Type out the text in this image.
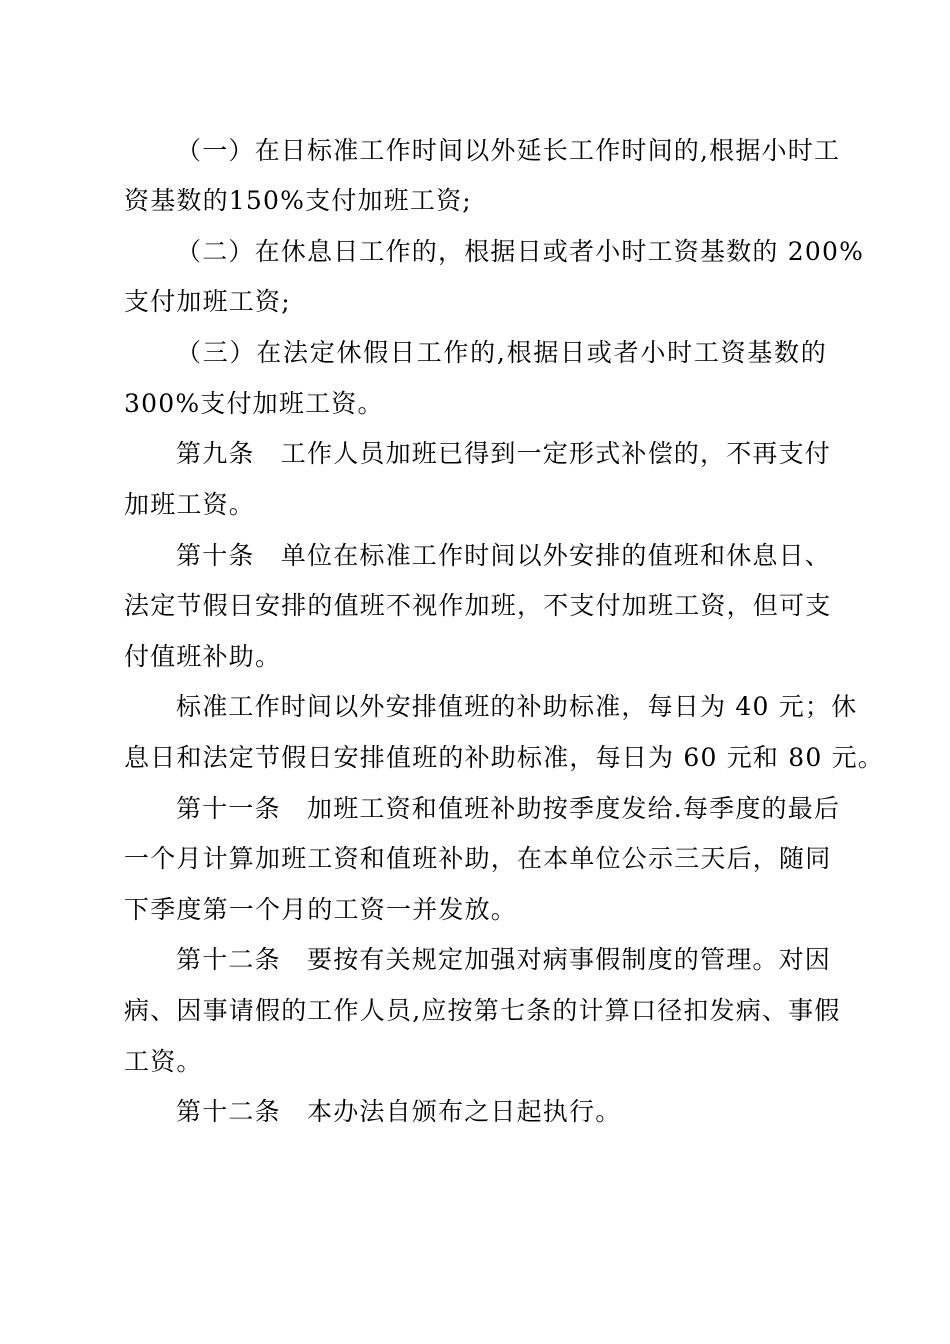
（一）在日标准工作时间以外延长工作时间的,根据小时工
资基数的150%支付加班工资;
（二）在休息日工作的，根据日或者小时工资基数的 200%
支付加班工资;
（三）在法定休假日工作的,根据日或者小时工资基数的
300%支付加班工资。
第九条　工作人员加班已得到一定形式补偿的，不再支付
加班工资。
第十条　单位在标准工作时间以外安排的值班和休息日、
法定节假日安排的值班不视作加班，不支付加班工资，但可支
付值班补助。
标准工作时间以外安排值班的补助标准，每日为 40 元；休
息日和法定节假日安排值班的补助标准，每日为 60 元和 80 元。
第十一条　加班工资和值班补助按季度发给.每季度的最后
一个月计算加班工资和值班补助，在本单位公示三天后，随同
下季度第一个月的工资一并发放。
第十二条　要按有关规定加强对病事假制度的管理。对因
病、因事请假的工作人员,应按第七条的计算口径扣发病、事假
工资。
第十二条　本办法自颁布之日起执行。
